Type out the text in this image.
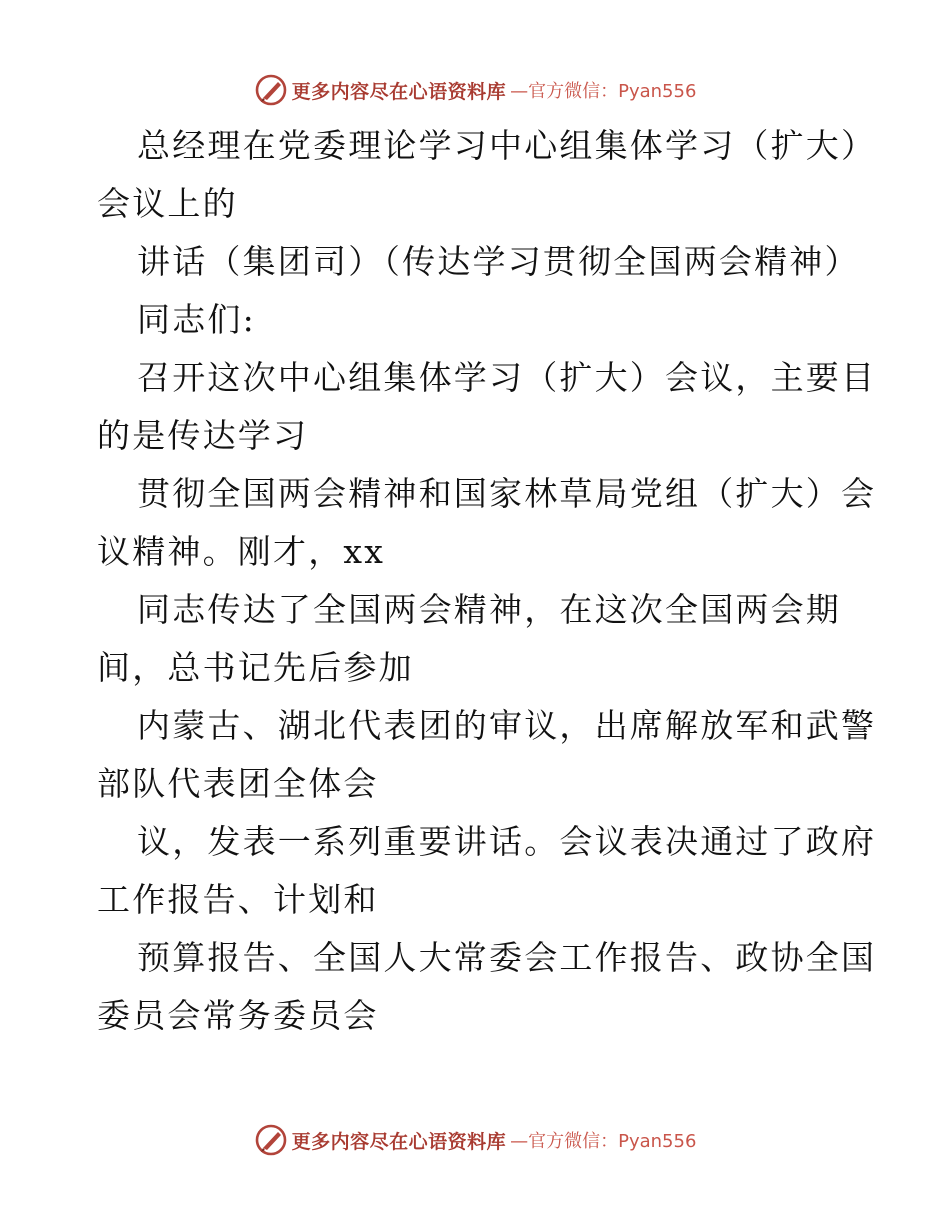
更多内容尽在心语资料库 —官方微信：Pyan556
总经理在党委理论学习中心组集体学习（扩大）
会议上的
讲话（集团司）（传达学习贯彻全国两会精神）
同志们:
召开这次中心组集体学习（扩大）会议，主要目
的是传达学习
贯彻全国两会精神和国家林草局党组（扩大）会
议精神。刚才，xx
同志传达了全国两会精神，在这次全国两会期
间，总书记先后参加
内蒙古、湖北代表团的审议，出席解放军和武警
部队代表团全体会
议，发表一系列重要讲话。会议表决通过了政府
工作报告、计划和
预算报告、全国人大常委会工作报告、政协全国
委员会常务委员会
更多内容尽在心语资料库 —官方微信：Pyan556
